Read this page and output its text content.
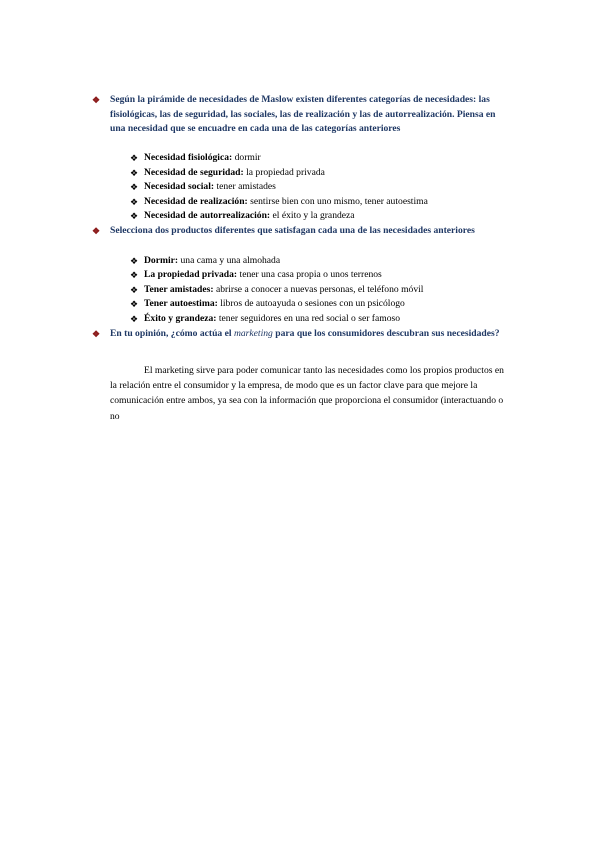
❖ Según la pirámide de necesidades de Maslow existen diferentes categorías de necesidades: las fisiológicas, las de seguridad, las sociales, las de realización y las de autorrealización. Piensa en una necesidad que se encuadre en cada una de las categorías anteriores
❖ Necesidad fisiológica: dormir
❖ Necesidad de seguridad: la propiedad privada
❖ Necesidad social: tener amistades
❖ Necesidad de realización: sentirse bien con uno mismo, tener autoestima
❖ Necesidad de autorrealización: el éxito y la grandeza
❖ Selecciona dos productos diferentes que satisfagan cada una de las necesidades anteriores
❖ Dormir: una cama y una almohada
❖ La propiedad privada: tener una casa propia o unos terrenos
❖ Tener amistades: abrirse a conocer a nuevas personas, el teléfono móvil
❖ Tener autoestima: libros de autoayuda o sesiones con un psicólogo
❖ Éxito y grandeza: tener seguidores en una red social o ser famoso
❖ En tu opinión, ¿cómo actúa el marketing para que los consumidores descubran sus necesidades?
El marketing sirve para poder comunicar tanto las necesidades como los propios productos en la relación entre el consumidor y la empresa, de modo que es un factor clave para que mejore la comunicación entre ambos, ya sea con la información que proporciona el consumidor (interactuando o no
